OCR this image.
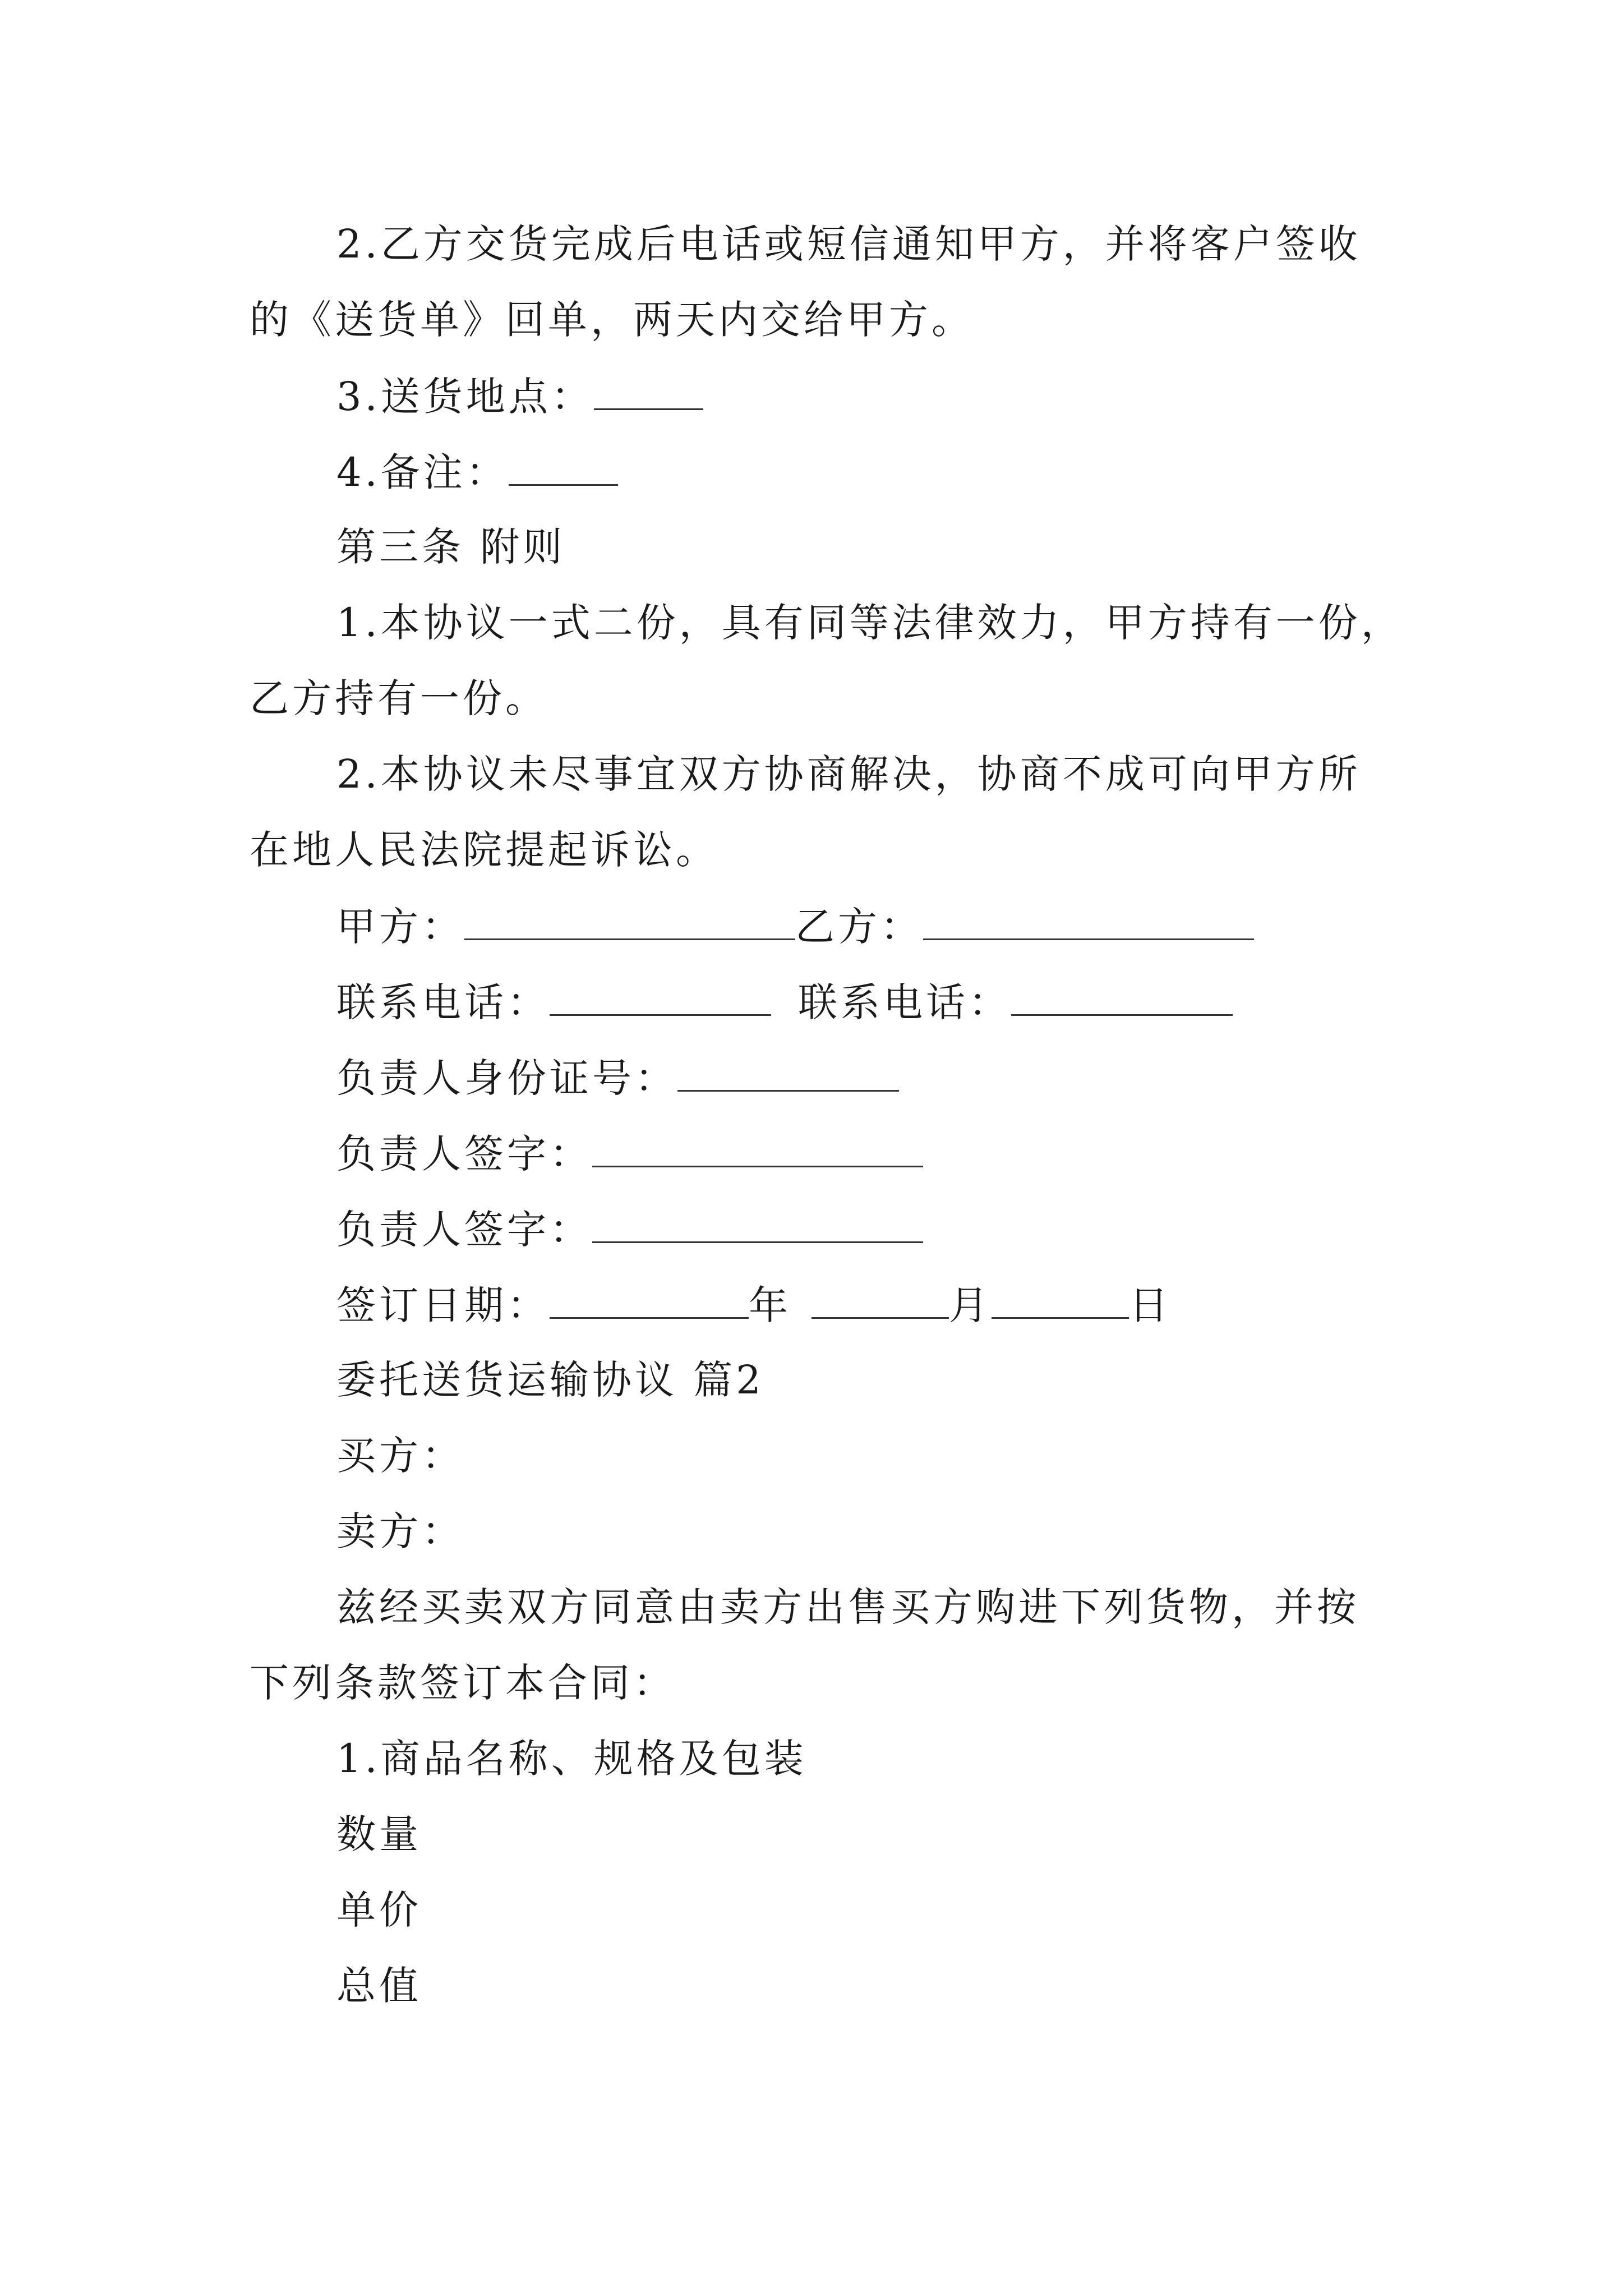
2.乙方交货完成后电话或短信通知甲方，并将客户签收
的《送货单》回单，两天内交给甲方。
3.送货地点：
4.备注：
第三条 附则
1.本协议一式二份，具有同等法律效力，甲方持有一份，
乙方持有一份。
2.本协议未尽事宜双方协商解决，协商不成可向甲方所
在地人民法院提起诉讼。
甲方：	乙方：
联系电话：	联系电话：
负责人身份证号：
负责人签字：
负责人签字：
签订日期：	年	月	日
委托送货运输协议 篇2
买方：
卖方：
兹经买卖双方同意由卖方出售买方购进下列货物，并按
下列条款签订本合同：
1.商品名称、规格及包装
数量
单价
总值
